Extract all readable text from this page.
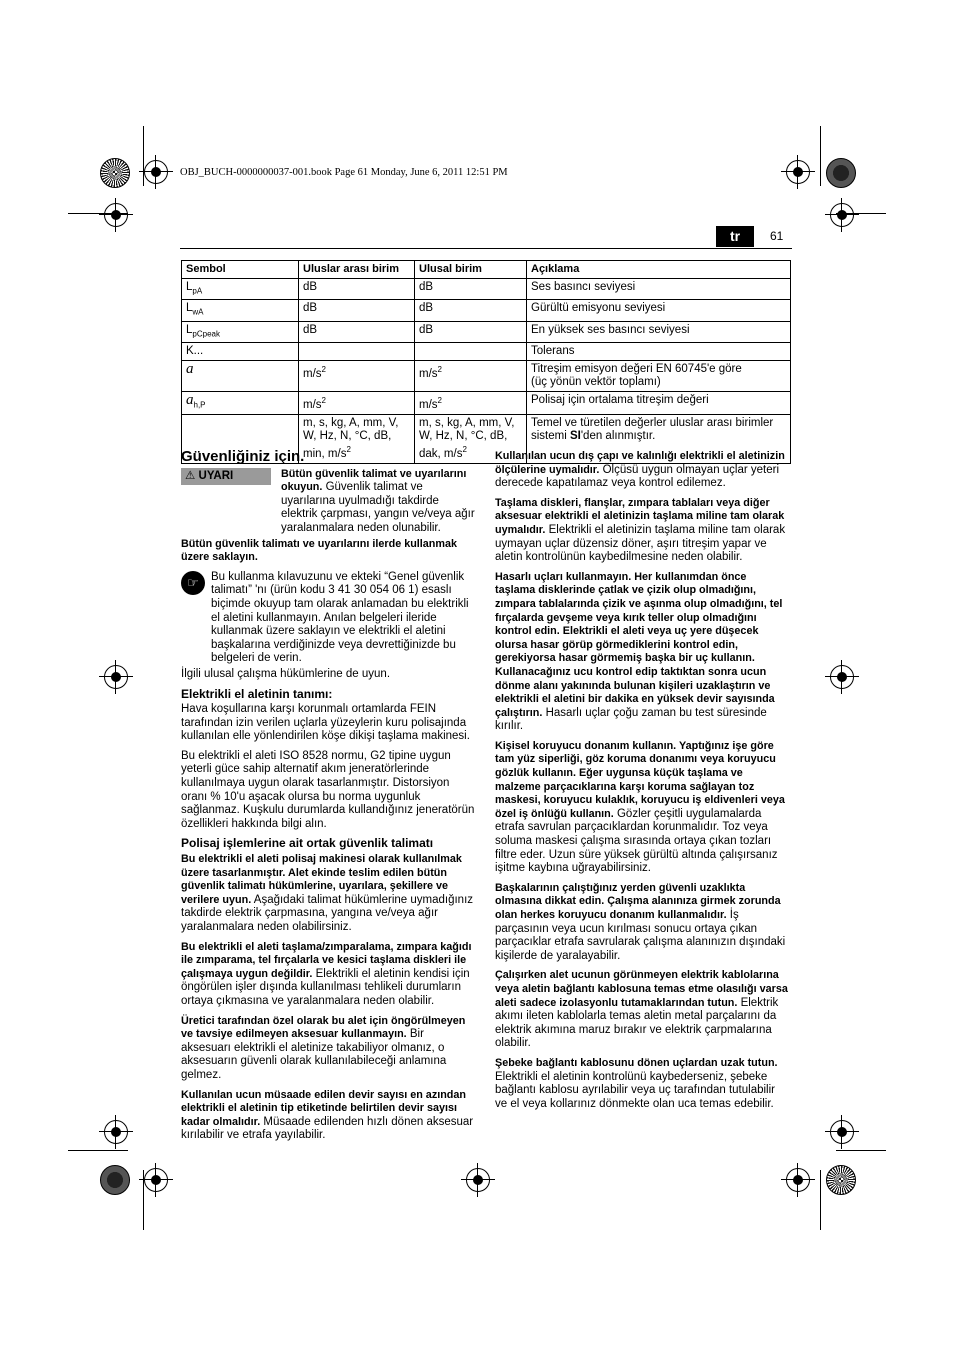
OBJ_BUCH-0000000037-001.book Page 61 Monday, June 6, 2011 12:51 PM
tr	61
Sembol	Uluslar arası birim	Ulusal birim	Açıklama
$L_{pA}$	dB	dB	Ses basıncı seviyesi
$L_{wA}$	dB	dB	Gürültü emisyonu seviyesi
$L_{pCpeak}$	dB	dB	En yüksek ses basıncı seviyesi
K...			Tolerans
a	$m/s^2$	$m/s^2$	Titreşim emisyon değeri EN 60745'e göre
(üç yönün vektör toplamı)
$a_{h,P}$	$m/s^2$	$m/s^2$	Polisaj için ortalama titreşim değeri
	m, s, kg, A, mm, V, W, Hz, N, °C, dB, min, $m/s^2$	m, s, kg, A, mm, V, W, Hz, N, °C, dB, dak, $m/s^2$	Temel ve türetilen değerler uluslar arası birimler sistemi SI'den alınmıştır.
Güvenliğiniz için.
⚠ UYARI	Bütün güvenlik talimat ve uyarılarını okuyun. Güvenlik talimat ve uyarılarına uyulmadığı takdirde elektrik çarpması, yangın ve/veya ağır yaralanmalara neden olunabilir.

Bütün güvenlik talimatı ve uyarılarını ilerde kullanmak üzere saklayın.

☞	Bu kullanma kılavuzunu ve ekteki “Genel güvenlik talimatı” 'nı (ürün kodu 3 41 30 054 06 1) esaslı biçimde okuyup tam olarak anlamadan bu elektrikli el aletini kullanmayın. Anılan belgeleri ileride kullanmak üzere saklayın ve elektrikli el aletini başkalarına verdiğinizde veya devrettiğinizde bu belgeleri de verin.

İlgili ulusal çalışma hükümlerine de uyun.

Elektrikli el aletinin tanımı:

Hava koşullarına karşı korunmalı ortamlarda FEIN tarafından izin verilen uçlarla yüzeylerin kuru polisajında kullanılan elle yönlendirilen köşe dikişi taşlama makinesi.

Bu elektrikli el aleti ISO 8528 normu, G2 tipine uygun yeterli güce sahip alternatif akım jeneratörlerinde kullanılmaya uygun olarak tasarlanmıştır. Distorsiyon oranı % 10'u aşacak olursa bu norma uygunluk sağlanmaz. Kuşkulu durumlarda kullandığınız jeneratörün özellikleri hakkında bilgi alın.

Polisaj işlemlerine ait ortak güvenlik talimatı

Bu elektrikli el aleti polisaj makinesi olarak kullanılmak üzere tasarlanmıştır. Alet ekinde teslim edilen bütün güvenlik talimatı hükümlerine, uyarılara, şekillere ve verilere uyun. Aşağıdaki talimat hükümlerine uymadığınız takdirde elektrik çarpmasına, yangına ve/veya ağır yaralanmalara neden olabilirsiniz.

Bu elektrikli el aleti taşlama/zımparalama, zımpara kağıdı ile zımparama, tel fırçalarla ve kesici taşlama diskleri ile çalışmaya uygun değildir. Elektrikli el aletinin kendisi için öngörülen işler dışında kullanılması tehlikeli durumların ortaya çıkmasına ve yaralanmalara neden olabilir.

Üretici tarafından özel olarak bu alet için öngörülmeyen ve tavsiye edilmeyen aksesuar kullanmayın. Bir aksesuarı elektrikli el aletinize takabiliyor olmanız, o aksesuarın güvenli olarak kullanılabileceği anlamına gelmez.

Kullanılan ucun müsaade edilen devir sayısı en azından elektrikli el aletinin tip etiketinde belirtilen devir sayısı kadar olmalıdır. Müsaade edilenden hızlı dönen aksesuar kırılabilir ve etrafa yayılabilir.

Kullanılan ucun dış çapı ve kalınlığı elektrikli el aletinizin ölçülerine uymalıdır. Ölçüsü uygun olmayan uçlar yeteri derecede kapatılamaz veya kontrol edilemez.

Taşlama diskleri, flanşlar, zımpara tablaları veya diğer aksesuar elektrikli el aletinizin taşlama miline tam olarak uymalıdır. Elektrikli el aletinizin taşlama miline tam olarak uymayan uçlar düzensiz döner, aşırı titreşim yapar ve aletin kontrolünün kaybedilmesine neden olabilir.

Hasarlı uçları kullanmayın. Her kullanımdan önce taşlama disklerinde çatlak ve çizik olup olmadığını, zımpara tablalarında çizik ve aşınma olup olmadığını, tel fırçalarda gevşeme veya kırık teller olup olmadığını kontrol edin. Elektrikli el aleti veya uç yere düşecek olursa hasar görüp görmediklerini kontrol edin, gerekiyorsa hasar görmemiş başka bir uç kullanın. Kullanacağınız ucu kontrol edip taktıktan sonra ucun dönme alanı yakınında bulunan kişileri uzaklaştırın ve elektrikli el aletini bir dakika en yüksek devir sayısında çalıştırın. Hasarlı uçlar çoğu zaman bu test süresinde kırılır.

Kişisel koruyucu donanım kullanın. Yaptığınız işe göre tam yüz siperliği, göz koruma donanımı veya koruyucu gözlük kullanın. Eğer uygunsa küçük taşlama ve malzeme parçacıklarına karşı koruma sağlayan toz maskesi, koruyucu kulaklık, koruyucu iş eldivenleri veya özel iş önlüğü kullanın. Gözler çeşitli uygulamalarda etrafa savrulan parçacıklardan korunmalıdır. Toz veya soluma maskesi çalışma sırasında ortaya çıkan tozları filtre eder. Uzun süre yüksek gürültü altında çalışırsanız işitme kaybına uğrayabilirsiniz.

Başkalarının çalıştığınız yerden güvenli uzaklıkta olmasına dikkat edin. Çalışma alanınıza girmek zorunda olan herkes koruyucu donanım kullanmalıdır. İş parçasının veya ucun kırılması sonucu ortaya çıkan parçacıklar etrafa savrularak çalışma alanınızın dışındaki kişilerde de yaralayabilir.

Çalışırken alet ucunun görünmeyen elektrik kablolarına veya aletin bağlantı kablosuna temas etme olasılığı varsa aleti sadece izolasyonlu tutamaklarından tutun. Elektrik akımı ileten kablolarla temas aletin metal parçalarını da elektrik akımına maruz bırakır ve elektrik çarpmalarına olabilir.

Şebeke bağlantı kablosunu dönen uçlardan uzak tutun. Elektrikli el aletinin kontrolünü kaybederseniz, şebeke bağlantı kablosu ayrılabilir veya uç tarafından tutulabilir ve el veya kollarınız dönmekte olan uca temas edebilir.
